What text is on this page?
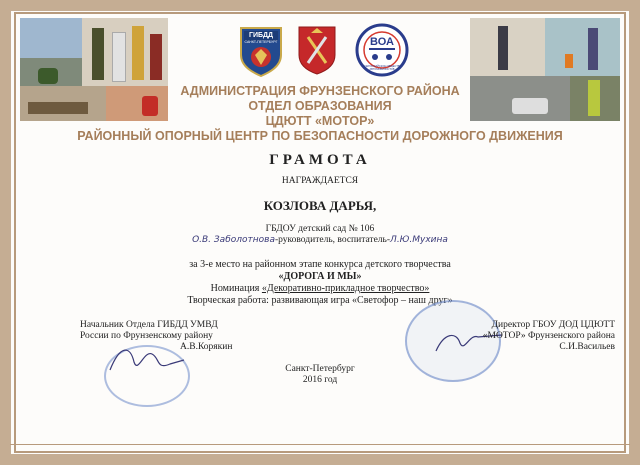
ГИБДД
САНКТ-ПЕТЕРБУРГ	ВОА
ВСЕРОССИЙСКОЕ ОБЩЕСТВО АВТОМОБИЛИСТОВ
АДМИНИСТРАЦИЯ ФРУНЗЕНСКОГО РАЙОНА
ОТДЕЛ ОБРАЗОВАНИЯ
ЦДЮТТ «МОТОР»
РАЙОННЫЙ ОПОРНЫЙ ЦЕНТР ПО БЕЗОПАСНОСТИ ДОРОЖНОГО ДВИЖЕНИЯ
ГРАМОТА
НАГРАЖДАЕТСЯ
КОЗЛОВА ДАРЬЯ,
ГБДОУ детский сад № 106
О.В. Заболотнова-руководитель, воспитатель-Л.Ю.Мухина
за 3-е место на районном этапе конкурса детского творчества
«ДОРОГА И МЫ»
Номинация «Декоративно-прикладное творчество»
Творческая работа: развивающая игра «Светофор – наш друг»
Начальник Отдела ГИБДД УМВД
России по Фрунзенскому району
А.В.Корякин
Директор ГБОУ ДОД ЦДЮТТ
«МОТОР» Фрунзенского района
С.И.Васильев
Санкт-Петербург
2016 год
